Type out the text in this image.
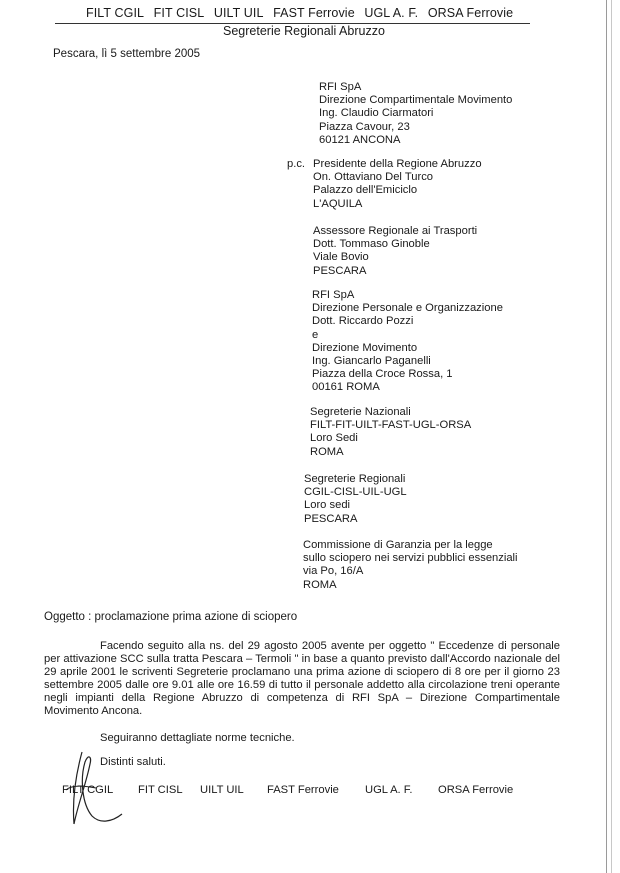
FILT CGIL FIT CISL UILT UIL FAST Ferrovie UGL A. F. ORSA Ferrovie
Segreterie Regionali Abruzzo
Pescara, lì 5 settembre 2005
RFI SpA
Direzione Compartimentale Movimento
Ing. Claudio Ciarmatori
Piazza Cavour, 23
60121 ANCONA
p.c. Presidente della Regione Abruzzo
On. Ottaviano Del Turco
Palazzo dell'Emiciclo
L'AQUILA
Assessore Regionale ai Trasporti
Dott. Tommaso Ginoble
Viale Bovio
PESCARA
RFI SpA
Direzione Personale e Organizzazione
Dott. Riccardo Pozzi
e
Direzione Movimento
Ing. Giancarlo Paganelli
Piazza della Croce Rossa, 1
00161 ROMA
Segreterie Nazionali
FILT-FIT-UILT-FAST-UGL-ORSA
Loro Sedi
ROMA
Segreterie Regionali
CGIL-CISL-UIL-UGL
Loro sedi
PESCARA
Commissione di Garanzia per la legge
sullo sciopero nei servizi pubblici essenziali
via Po, 16/A
ROMA
Oggetto : proclamazione prima azione di sciopero

Facendo seguito alla ns. del 29 agosto 2005 avente per oggetto " Eccedenze di personale per attivazione SCC sulla tratta Pescara – Termoli " in base a quanto previsto dall'Accordo nazionale del 29 aprile 2001 le scriventi Segreterie proclamano una prima azione di sciopero di 8 ore per il giorno 23 settembre 2005 dalle ore 9.01 alle ore 16.59 di tutto il personale addetto alla circolazione treni operante negli impianti della Regione Abruzzo di competenza di RFI SpA – Direzione Compartimentale Movimento Ancona.

Seguiranno dettagliate norme tecniche.
Distinti saluti.
FILT CGIL FIT CISL UILT UIL FAST Ferrovie UGL A. F. ORSA Ferrovie
